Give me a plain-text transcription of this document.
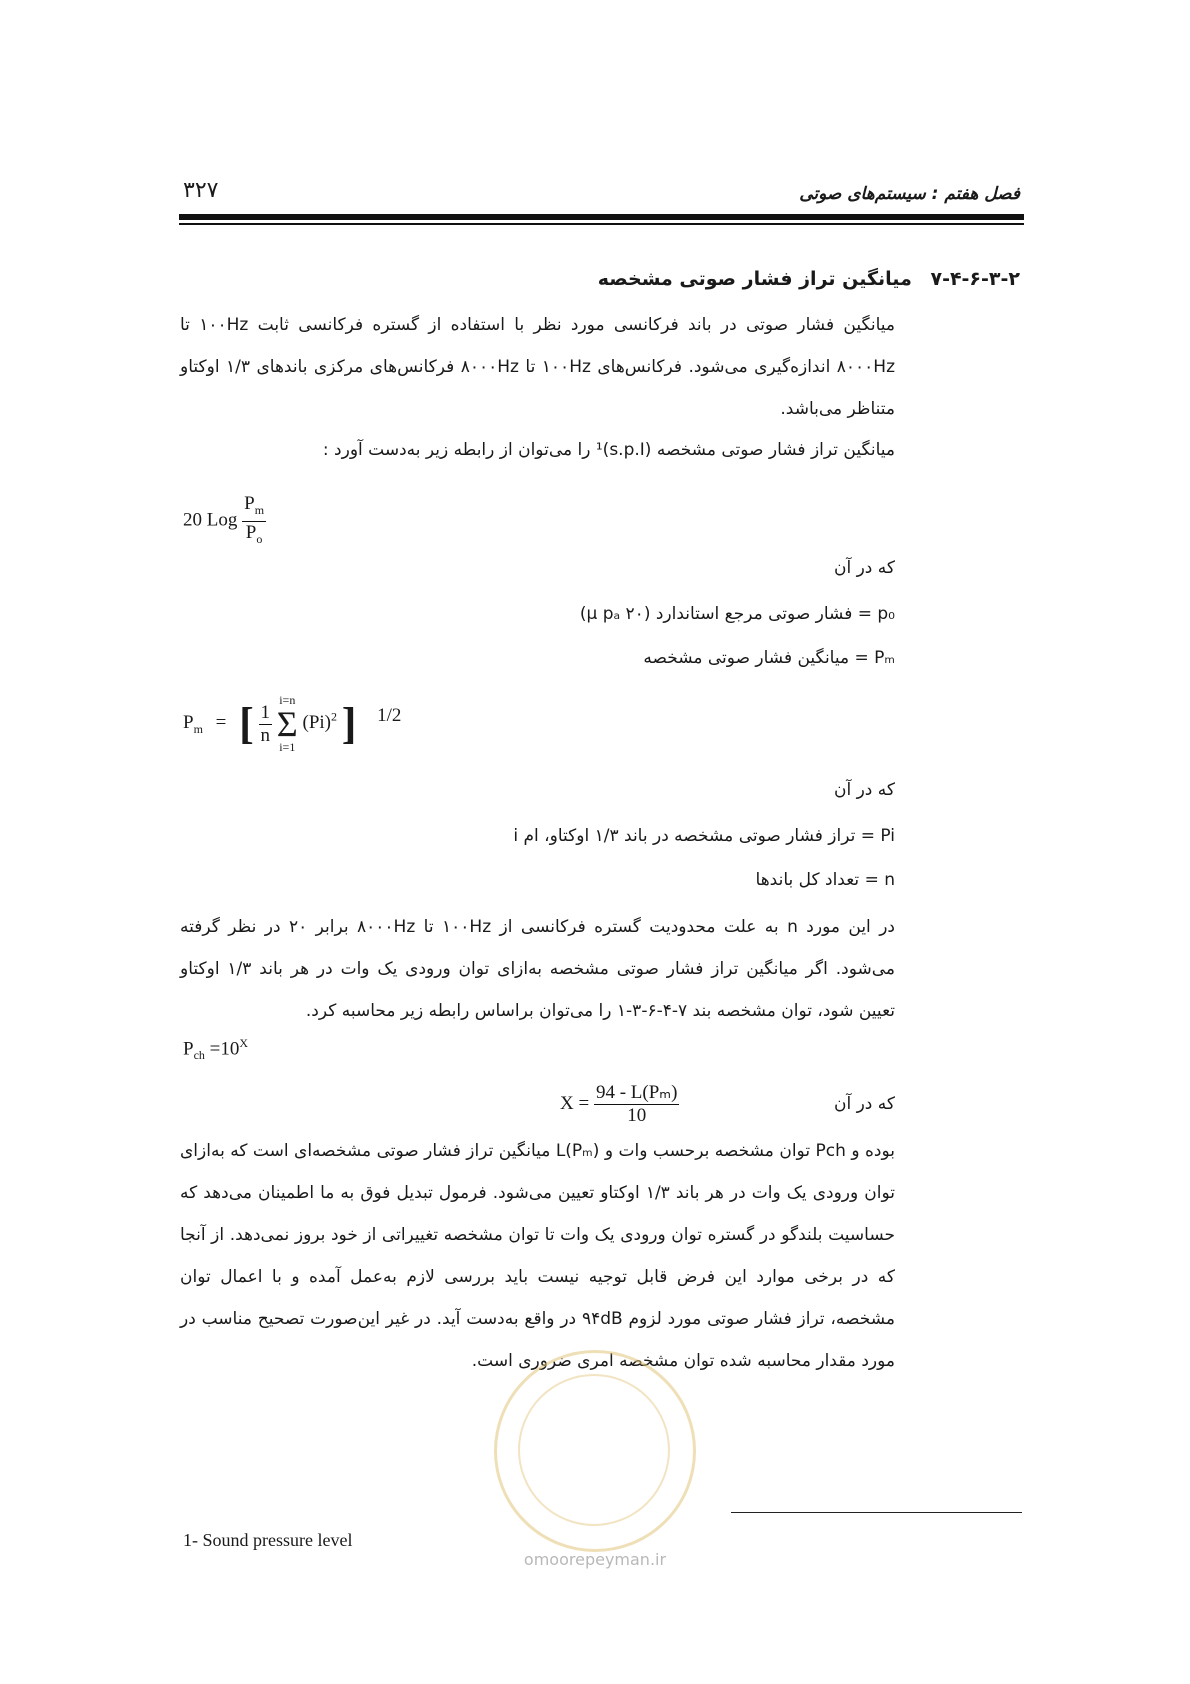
۳۲۷	فصل هفتم : سیستم‌های صوتی
۷-۴-۶-۳-۲ میانگین تراز فشار صوتی مشخصه
میانگین فشار صوتی در باند فرکانسی مورد نظر با استفاده از گستره فرکانسی ثابت ۱۰۰Hz تا ۸۰۰۰Hz اندازه‌گیری می‌شود. فرکانس‌های ۱۰۰Hz تا ۸۰۰۰Hz فرکانس‌های مرکزی باندهای ۱/۳ اوکتاو متناظر می‌باشد.
میانگین تراز فشار صوتی مشخصه (s.p.I)¹ را می‌توان از رابطه زیر به‌دست آورد :
20 Log $\frac{P_m}{P_o}$
که در آن
p₀ = فشار صوتی مرجع استاندارد (۲۰ μ pₐ)
Pₘ = میانگین فشار صوتی مشخصه
$P_m$ = [ $\frac{1}{n}$

i=n
Σ
i=1
$(Pi)^2$ ] 1/2
که در آن
Pi = تراز فشار صوتی مشخصه در باند ۱/۳ اوکتاو، ام i
n = تعداد کل باندها
در این مورد n به علت محدودیت گستره فرکانسی از ۱۰۰Hz تا ۸۰۰۰Hz برابر ۲۰ در نظر گرفته می‌شود. اگر میانگین تراز فشار صوتی مشخصه به‌ازای توان ورودی یک وات در هر باند ۱/۳ اوکتاو تعیین شود، توان مشخصه بند ۷-۴-۶-۳-۱ را می‌توان براساس رابطه زیر محاسبه کرد.
$P_{ch} =10^X$
$X = \frac{\text{94 - L(Pₘ)}}{10}$	که در آن
بوده و Pch توان مشخصه برحسب وات و L(Pₘ) میانگین تراز فشار صوتی مشخصه‌ای است که به‌ازای توان ورودی یک وات در هر باند ۱/۳ اوکتاو تعیین می‌شود. فرمول تبدیل فوق به ما اطمینان می‌دهد که حساسیت بلندگو در گستره توان ورودی یک وات تا توان مشخصه تغییراتی از خود بروز نمی‌دهد. از آنجا که در برخی موارد این فرض قابل توجیه نیست باید بررسی لازم به‌عمل آمده و با اعمال توان مشخصه، تراز فشار صوتی مورد لزوم ۹۴dB در واقع به‌دست آید. در غیر این‌صورت تصحیح مناسب در مورد مقدار محاسبه شده توان مشخصه امری ضروری است.
omoorepeyman.ir
1- Sound pressure level
